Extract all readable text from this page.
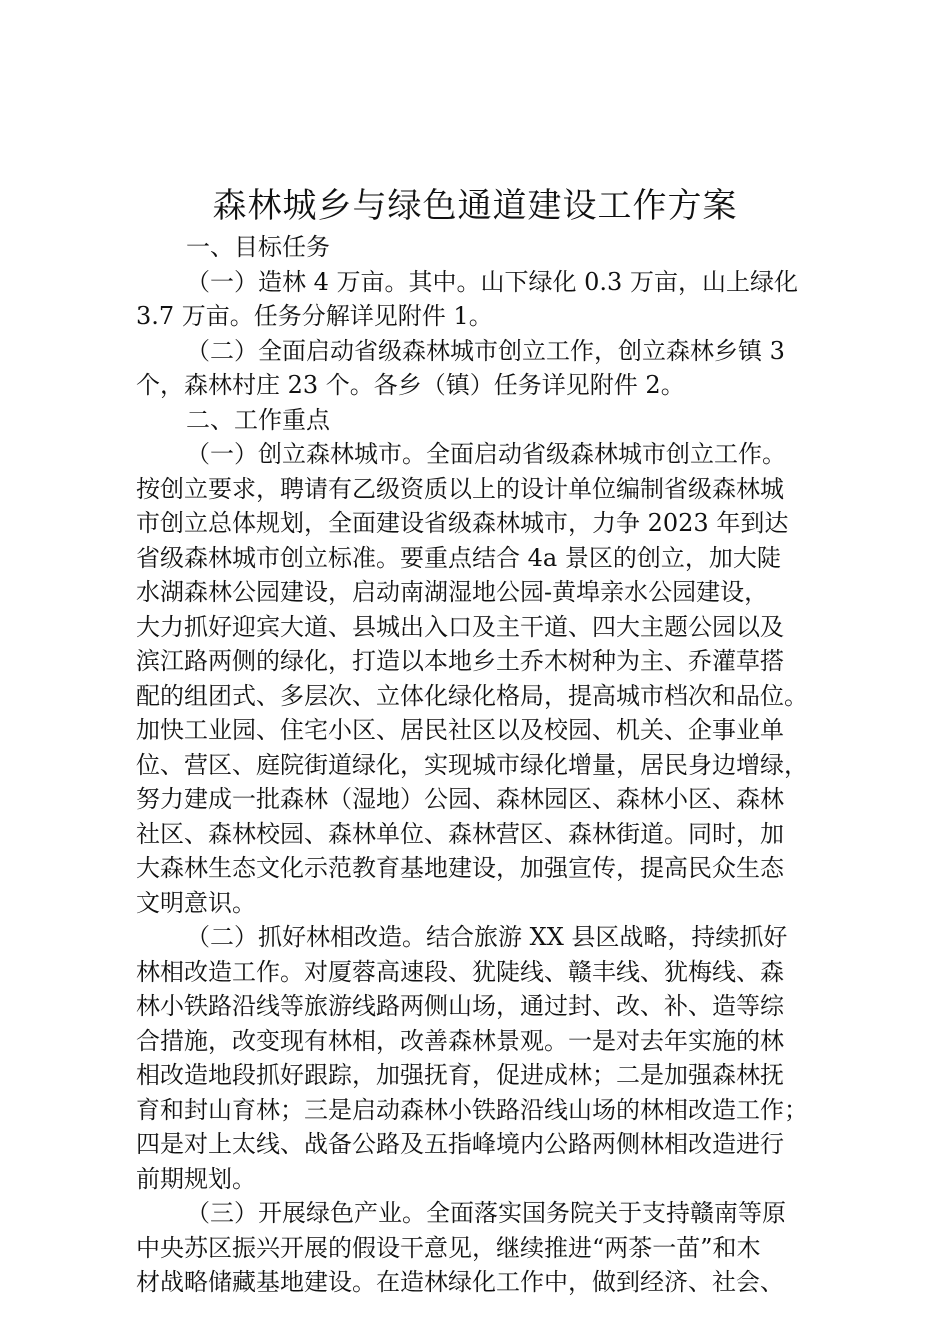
森林城乡与绿色通道建设工作方案
一、目标任务
（一）造林 4 万亩。其中。山下绿化 0.3 万亩，山上绿化
3.7 万亩。任务分解详见附件 1。
（二）全面启动省级森林城市创立工作，创立森林乡镇 3
个，森林村庄 23 个。各乡（镇）任务详见附件 2。
二、工作重点
（一）创立森林城市。全面启动省级森林城市创立工作。
按创立要求，聘请有乙级资质以上的设计单位编制省级森林城
市创立总体规划，全面建设省级森林城市，力争 2023 年到达
省级森林城市创立标准。要重点结合 4a 景区的创立，加大陡
水湖森林公园建设，启动南湖湿地公园-黄埠亲水公园建设，
大力抓好迎宾大道、县城出入口及主干道、四大主题公园以及
滨江路两侧的绿化，打造以本地乡土乔木树种为主、乔灌草搭
配的组团式、多层次、立体化绿化格局，提高城市档次和品位。
加快工业园、住宅小区、居民社区以及校园、机关、企事业单
位、营区、庭院街道绿化，实现城市绿化增量，居民身边增绿，
努力建成一批森林（湿地）公园、森林园区、森林小区、森林
社区、森林校园、森林单位、森林营区、森林街道。同时，加
大森林生态文化示范教育基地建设，加强宣传，提高民众生态
文明意识。
（二）抓好林相改造。结合旅游 XX 县区战略，持续抓好
林相改造工作。对厦蓉高速段、犹陡线、赣丰线、犹梅线、森
林小铁路沿线等旅游线路两侧山场，通过封、改、补、造等综
合措施，改变现有林相，改善森林景观。一是对去年实施的林
相改造地段抓好跟踪，加强抚育，促进成林；二是加强森林抚
育和封山育林；三是启动森林小铁路沿线山场的林相改造工作；
四是对上太线、战备公路及五指峰境内公路两侧林相改造进行
前期规划。
（三）开展绿色产业。全面落实国务院关于支持赣南等原
中央苏区振兴开展的假设干意见，继续推进“两茶一苗”和木
材战略储藏基地建设。在造林绿化工作中，做到经济、社会、
